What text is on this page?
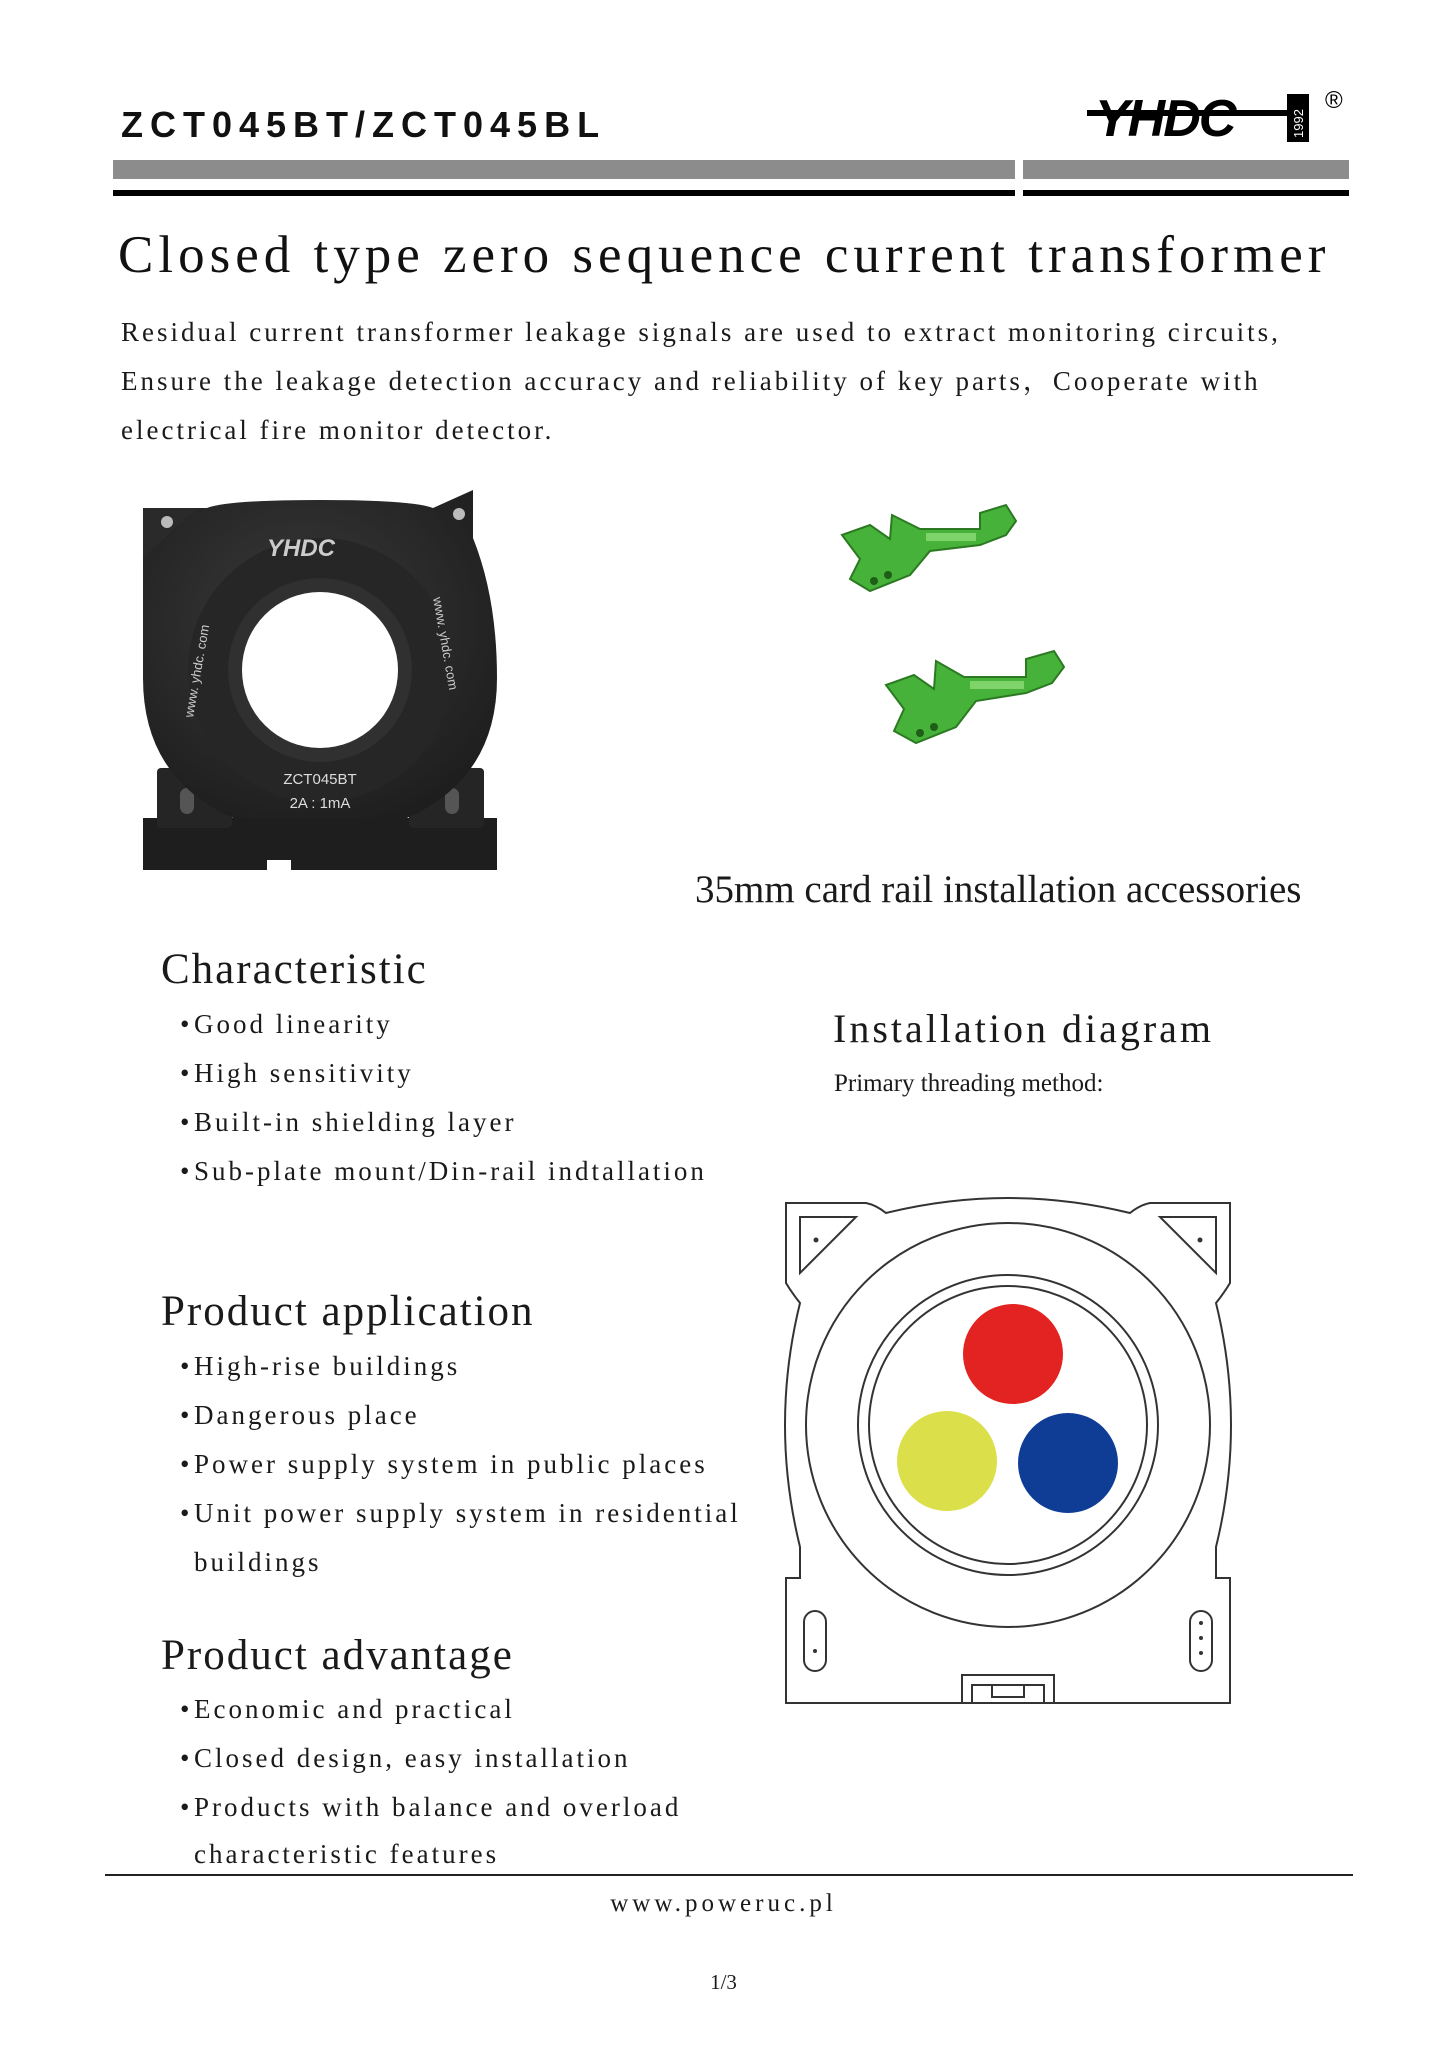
ZCT045BT/ZCT045BL	YHDC	1992
®
Closed type zero sequence current transformer
Residual current transformer leakage signals are used to extract monitoring circuits,
Ensure the leakage detection accuracy and reliability of key parts，Cooperate with
electrical fire monitor detector.
YHDC
www. yhdc. com	www. yhdc. com
ZCT045BT
2A : 1mA
35mm card rail installation accessories
Characteristic
•Good linearity
•High sensitivity
•Built-in shielding layer
•Sub-plate mount/Din-rail indtallation
Product application
•High-rise buildings
•Dangerous place
•Power supply system in public places
•Unit power supply system in residential
buildings
Product advantage
•Economic and practical
•Closed design, easy installation
•Products with balance and overload
characteristic features
Installation diagram
Primary threading method:
www.poweruc.pl
1/3
